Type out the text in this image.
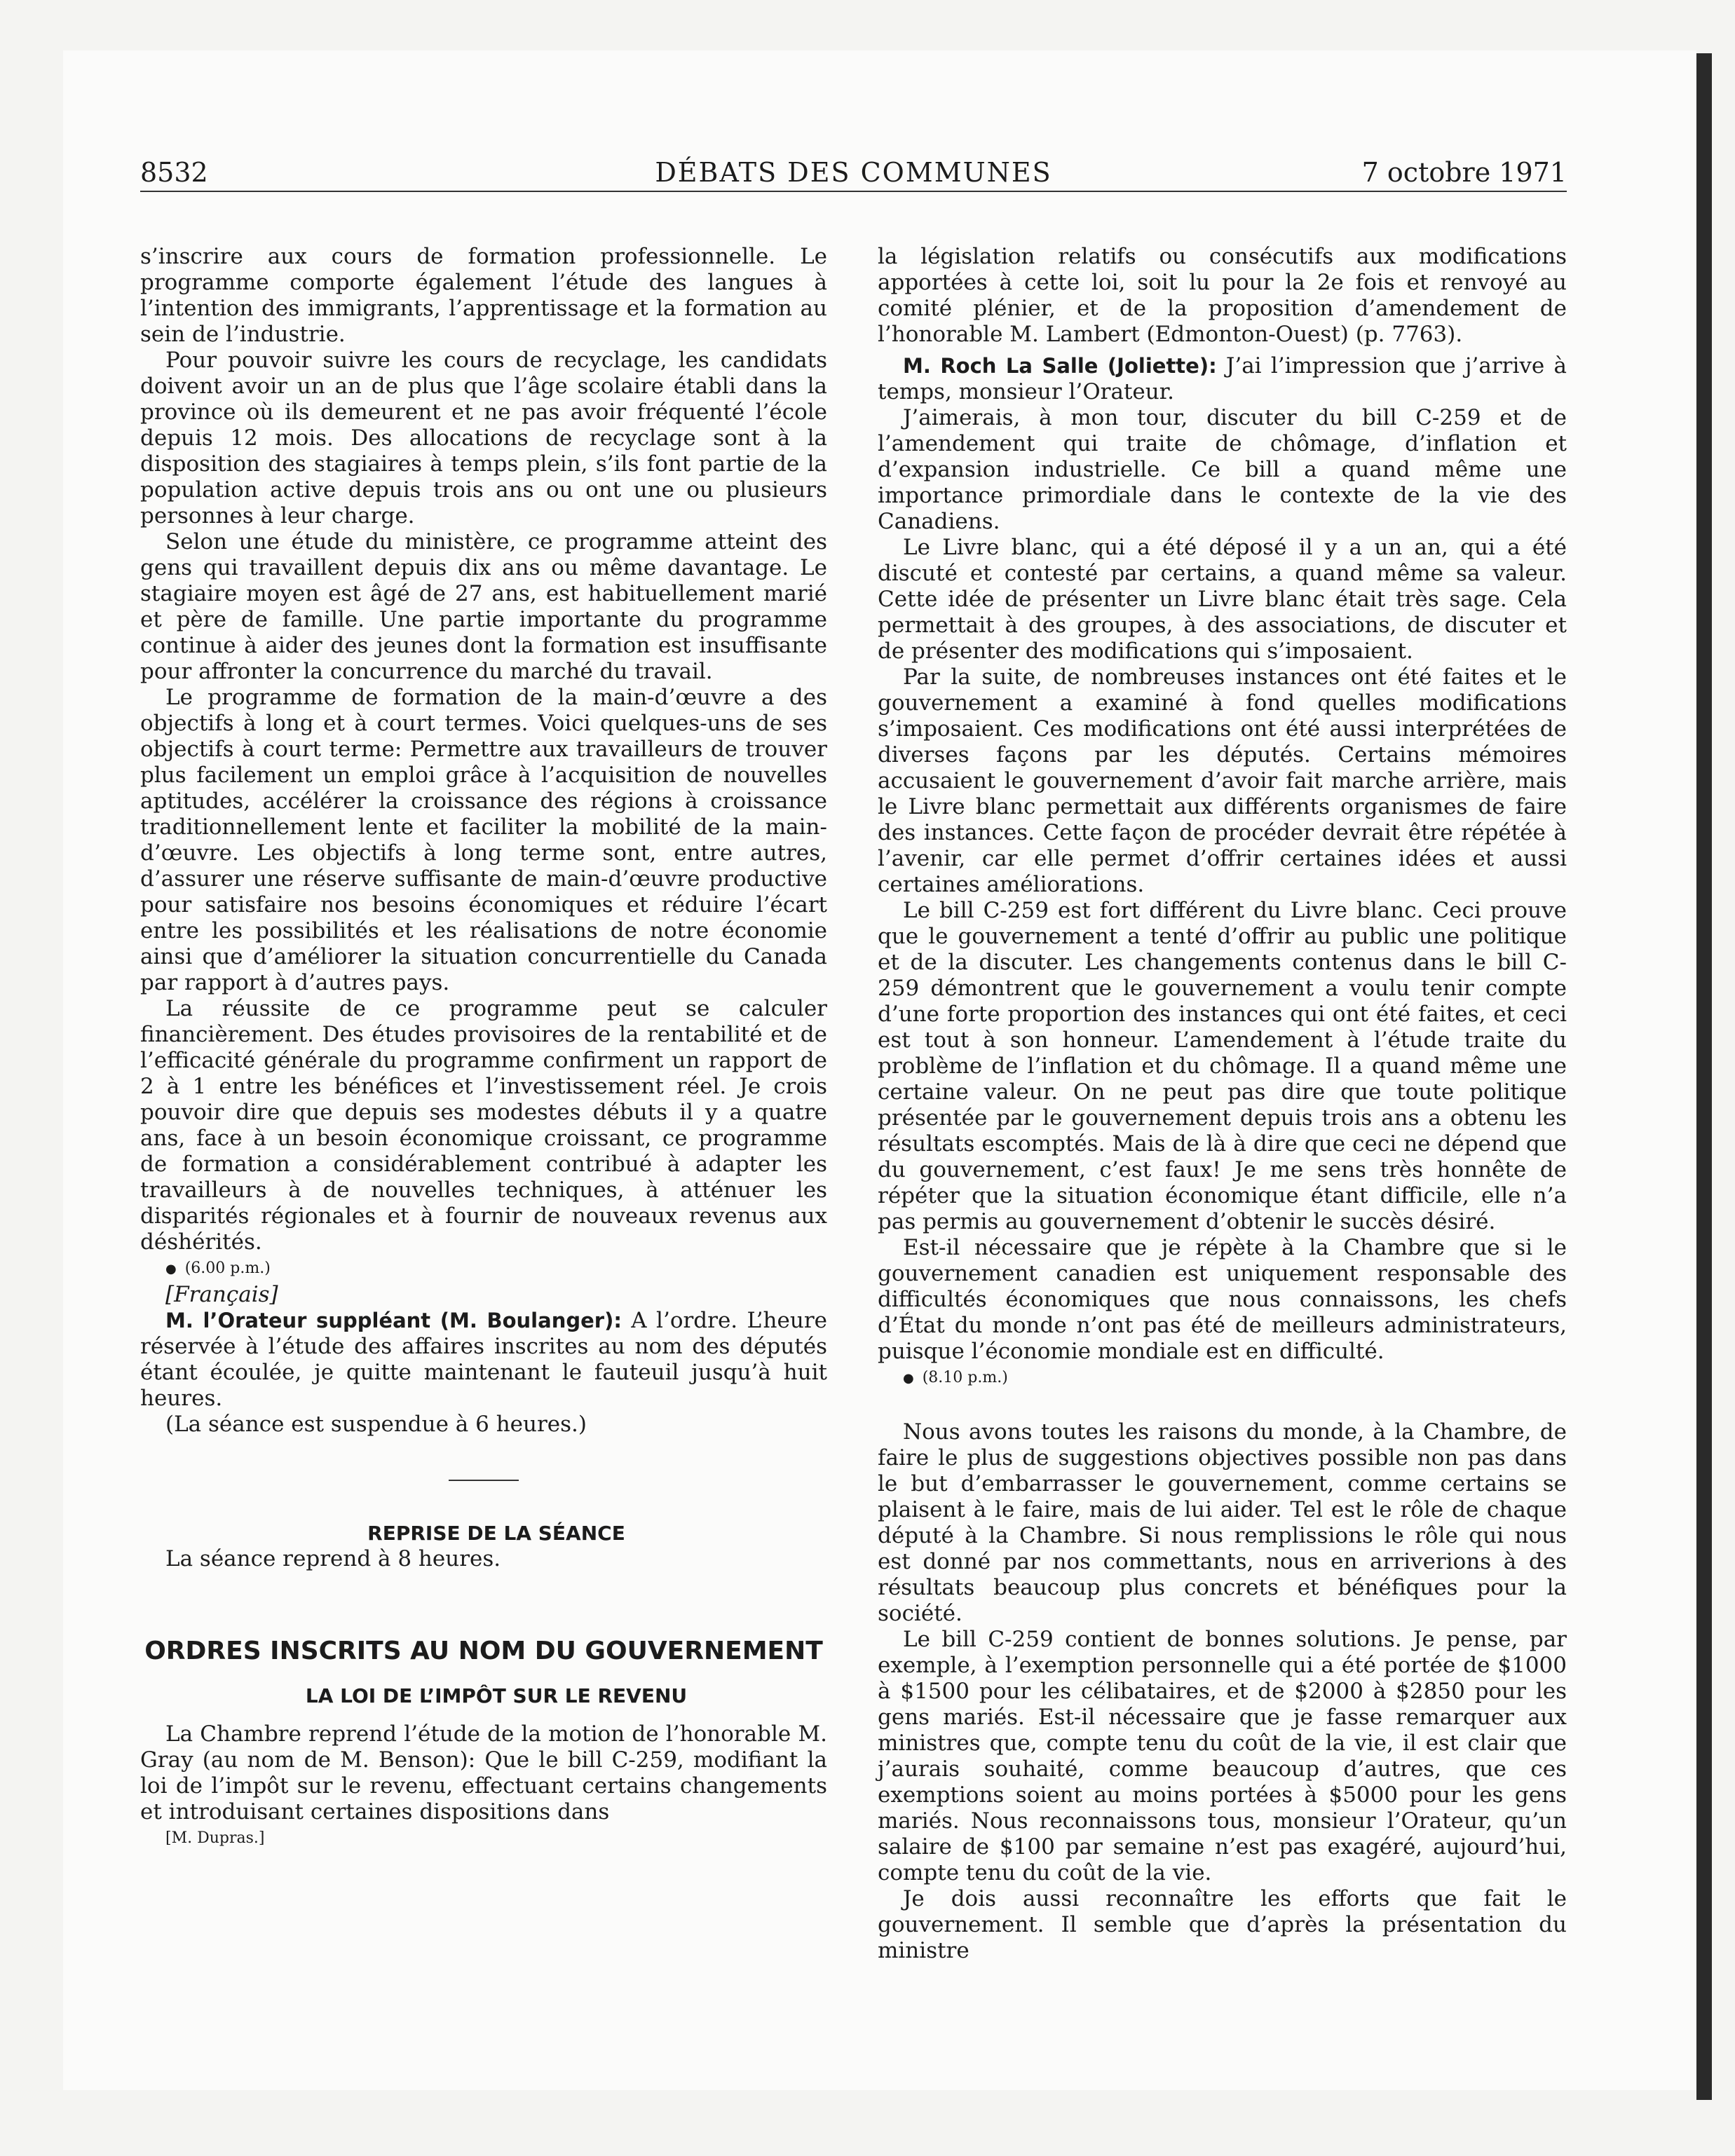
8532	DÉBATS DES COMMUNES	7 octobre 1971

s’inscrire aux cours de formation professionnelle. Le programme comporte également l’étude des langues à l’intention des immigrants, l’apprentissage et la formation au sein de l’industrie.

Pour pouvoir suivre les cours de recyclage, les candidats doivent avoir un an de plus que l’âge scolaire établi dans la province où ils demeurent et ne pas avoir fréquenté l’école depuis 12 mois. Des allocations de recyclage sont à la disposition des stagiaires à temps plein, s’ils font partie de la population active depuis trois ans ou ont une ou plusieurs personnes à leur charge.

Selon une étude du ministère, ce programme atteint des gens qui travaillent depuis dix ans ou même davantage. Le stagiaire moyen est âgé de 27 ans, est habituellement marié et père de famille. Une partie importante du programme continue à aider des jeunes dont la formation est insuffisante pour affronter la concurrence du marché du travail.

Le programme de formation de la main-d’œuvre a des objectifs à long et à court termes. Voici quelques-uns de ses objectifs à court terme: Permettre aux travailleurs de trouver plus facilement un emploi grâce à l’acquisition de nouvelles aptitudes, accélérer la croissance des régions à croissance traditionnellement lente et faciliter la mobilité de la main-d’œuvre. Les objectifs à long terme sont, entre autres, d’assurer une réserve suffisante de main-d’œuvre productive pour satisfaire nos besoins économiques et réduire l’écart entre les possibilités et les réalisations de notre économie ainsi que d’améliorer la situation concurrentielle du Canada par rapport à d’autres pays.

La réussite de ce programme peut se calculer financièrement. Des études provisoires de la rentabilité et de l’efficacité générale du programme confirment un rapport de 2 à 1 entre les bénéfices et l’investissement réel. Je crois pouvoir dire que depuis ses modestes débuts il y a quatre ans, face à un besoin économique croissant, ce programme de formation a considérablement contribué à adapter les travailleurs à de nouvelles techniques, à atténuer les disparités régionales et à fournir de nouveaux revenus aux déshérités.

● (6.00 p.m.)

[Français]

M. l’Orateur suppléant (M. Boulanger): A l’ordre. L’heure réservée à l’étude des affaires inscrites au nom des députés étant écoulée, je quitte maintenant le fauteuil jusqu’à huit heures.

(La séance est suspendue à 6 heures.)

REPRISE DE LA SÉANCE

La séance reprend à 8 heures.

ORDRES INSCRITS AU NOM DU GOUVERNEMENT

LA LOI DE L’IMPÔT SUR LE REVENU

La Chambre reprend l’étude de la motion de l’honorable M. Gray (au nom de M. Benson): Que le bill C-259, modifiant la loi de l’impôt sur le revenu, effectuant certains changements et introduisant certaines dispositions dans

[M. Dupras.]

la législation relatifs ou consécutifs aux modifications apportées à cette loi, soit lu pour la 2e fois et renvoyé au comité plénier, et de la proposition d’amendement de l’honorable M. Lambert (Edmonton-Ouest) (p. 7763).

M. Roch La Salle (Joliette): J’ai l’impression que j’arrive à temps, monsieur l’Orateur.

J’aimerais, à mon tour, discuter du bill C-259 et de l’amendement qui traite de chômage, d’inflation et d’expansion industrielle. Ce bill a quand même une importance primordiale dans le contexte de la vie des Canadiens.

Le Livre blanc, qui a été déposé il y a un an, qui a été discuté et contesté par certains, a quand même sa valeur. Cette idée de présenter un Livre blanc était très sage. Cela permettait à des groupes, à des associations, de discuter et de présenter des modifications qui s’imposaient.

Par la suite, de nombreuses instances ont été faites et le gouvernement a examiné à fond quelles modifications s’imposaient. Ces modifications ont été aussi interprétées de diverses façons par les députés. Certains mémoires accusaient le gouvernement d’avoir fait marche arrière, mais le Livre blanc permettait aux différents organismes de faire des instances. Cette façon de procéder devrait être répétée à l’avenir, car elle permet d’offrir certaines idées et aussi certaines améliorations.

Le bill C-259 est fort différent du Livre blanc. Ceci prouve que le gouvernement a tenté d’offrir au public une politique et de la discuter. Les changements contenus dans le bill C-259 démontrent que le gouvernement a voulu tenir compte d’une forte proportion des instances qui ont été faites, et ceci est tout à son honneur. L’amendement à l’étude traite du problème de l’inflation et du chômage. Il a quand même une certaine valeur. On ne peut pas dire que toute politique présentée par le gouvernement depuis trois ans a obtenu les résultats escomptés. Mais de là à dire que ceci ne dépend que du gouvernement, c’est faux! Je me sens très honnête de répéter que la situation économique étant difficile, elle n’a pas permis au gouvernement d’obtenir le succès désiré.

Est-il nécessaire que je répète à la Chambre que si le gouvernement canadien est uniquement responsable des difficultés économiques que nous connaissons, les chefs d’État du monde n’ont pas été de meilleurs administrateurs, puisque l’économie mondiale est en difficulté.

● (8.10 p.m.)

Nous avons toutes les raisons du monde, à la Chambre, de faire le plus de suggestions objectives possible non pas dans le but d’embarrasser le gouvernement, comme certains se plaisent à le faire, mais de lui aider. Tel est le rôle de chaque député à la Chambre. Si nous remplissions le rôle qui nous est donné par nos commettants, nous en arriverions à des résultats beaucoup plus concrets et bénéfiques pour la société.

Le bill C-259 contient de bonnes solutions. Je pense, par exemple, à l’exemption personnelle qui a été portée de $1000 à $1500 pour les célibataires, et de $2000 à $2850 pour les gens mariés. Est-il nécessaire que je fasse remarquer aux ministres que, compte tenu du coût de la vie, il est clair que j’aurais souhaité, comme beaucoup d’autres, que ces exemptions soient au moins portées à $5000 pour les gens mariés. Nous reconnaissons tous, monsieur l’Orateur, qu’un salaire de $100 par semaine n’est pas exagéré, aujourd’hui, compte tenu du coût de la vie.

Je dois aussi reconnaître les efforts que fait le gouvernement. Il semble que d’après la présentation du ministre
